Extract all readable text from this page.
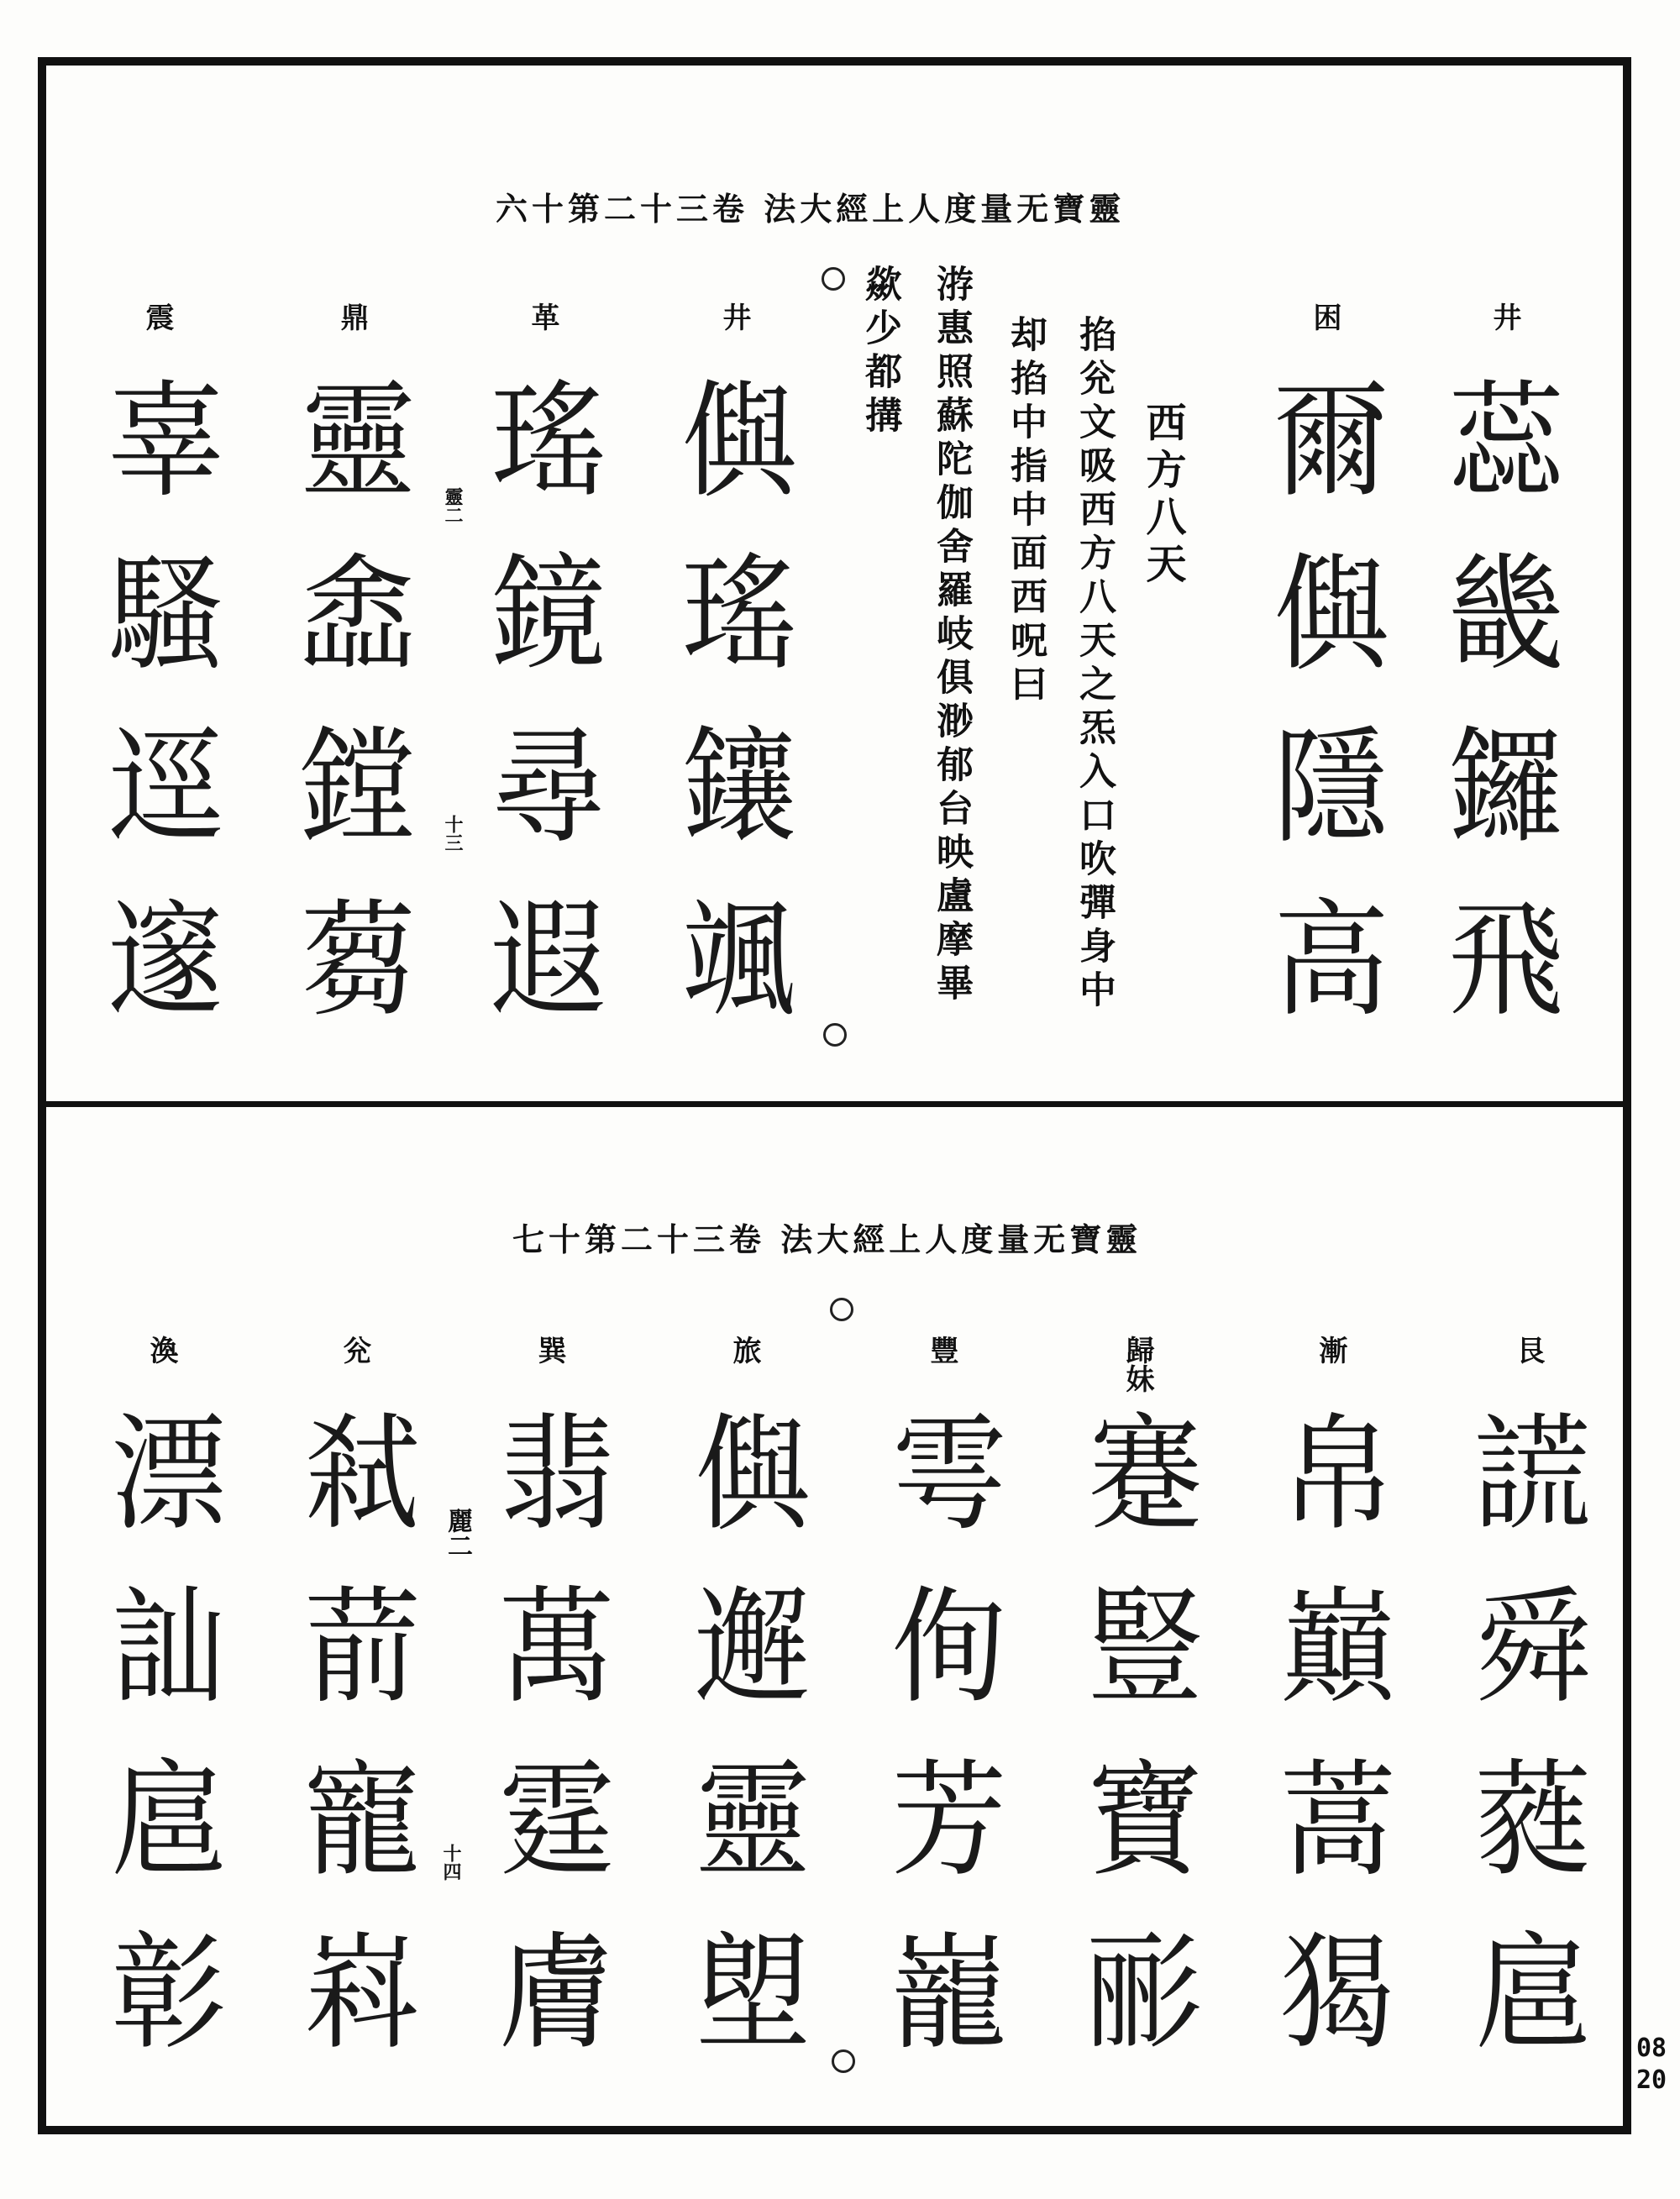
靈寶无量度人上經大法 卷三十二第十六
井
蕊畿鑼飛
困
爾㒜隱高
西方八天
掐兊文吸西方八天之炁入口吹彈身中
却掐中指中面西呪曰
㳺惠照蘇陀伽舍羅岐俱渺郁台映盧摩畢
歘少都搆
井
㒜瑤鑲颯
革
瑤鏡尋遐
靈二
十三
鼎
靈嵞鏜蒭
震
辜騷逕邃
靈寶无量度人上經大法 卷三十二第十七
艮
謊舜蕤扈
漸
帛巔蒿猲
歸妹
蹇豎寶彨
豐
雩侚芳巃
旅
㒜邂靈塱
巽
翡萬霆膚
麗二
十四
兊
弒葥寵嵙
渙
漂訕扈彰	0820
